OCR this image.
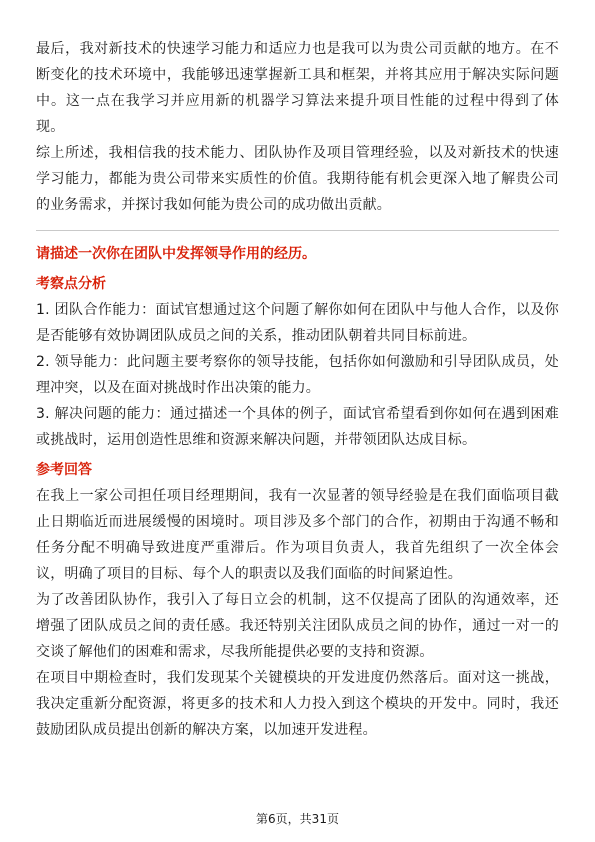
最后，我对新技术的快速学习能力和适应力也是我可以为贵公司贡献的地方。在不断变化的技术环境中，我能够迅速掌握新工具和框架，并将其应用于解决实际问题中。这一点在我学习并应用新的机器学习算法来提升项目性能的过程中得到了体现。

综上所述，我相信我的技术能力、团队协作及项目管理经验，以及对新技术的快速学习能力，都能为贵公司带来实质性的价值。我期待能有机会更深入地了解贵公司的业务需求，并探讨我如何能为贵公司的成功做出贡献。

请描述一次你在团队中发挥领导作用的经历。
考察点分析

1. 团队合作能力：面试官想通过这个问题了解你如何在团队中与他人合作，以及你是否能够有效协调团队成员之间的关系，推动团队朝着共同目标前进。

2. 领导能力：此问题主要考察你的领导技能，包括你如何激励和引导团队成员，处理冲突，以及在面对挑战时作出决策的能力。

3. 解决问题的能力：通过描述一个具体的例子，面试官希望看到你如何在遇到困难或挑战时，运用创造性思维和资源来解决问题，并带领团队达成目标。

参考回答

在我上一家公司担任项目经理期间，我有一次显著的领导经验是在我们面临项目截止日期临近而进展缓慢的困境时。项目涉及多个部门的合作，初期由于沟通不畅和任务分配不明确导致进度严重滞后。作为项目负责人，我首先组织了一次全体会议，明确了项目的目标、每个人的职责以及我们面临的时间紧迫性。

为了改善团队协作，我引入了每日立会的机制，这不仅提高了团队的沟通效率，还增强了团队成员之间的责任感。我还特别关注团队成员之间的协作，通过一对一的交谈了解他们的困难和需求，尽我所能提供必要的支持和资源。

在项目中期检查时，我们发现某个关键模块的开发进度仍然落后。面对这一挑战，我决定重新分配资源，将更多的技术和人力投入到这个模块的开发中。同时，我还鼓励团队成员提出创新的解决方案，以加速开发进程。

第6页，共31页
